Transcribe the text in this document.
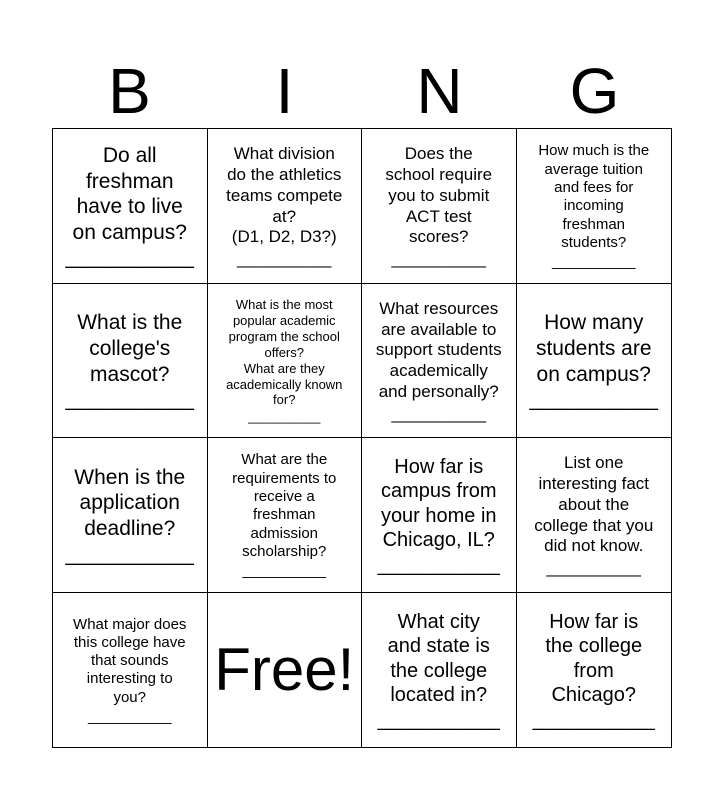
B	I	N	G
Do all
freshman
have to live
on campus?
___________
What division
do the athletics
teams compete
at?
(D1, D2, D3?)
__________
Does the
school require
you to submit
ACT test
scores?
__________
How much is the
average tuition
and fees for
incoming
freshman
students?
__________
What is the
college's
mascot?
___________
What is the most
popular academic
program the school
offers?
What are they
academically known
for?
__________
What resources
are available to
support students
academically
and personally?
__________
How many
students are
on campus?
___________
When is the
application
deadline?
___________
What are the
requirements to
receive a
freshman
admission
scholarship?
__________
How far is
campus from
your home in
Chicago, IL?
___________
List one
interesting fact
about the
college that you
did not know.
__________
What major does
this college have
that sounds
interesting to
you?
__________
Free!
What city
and state is
the college
located in?
___________
How far is
the college
from
Chicago?
___________
